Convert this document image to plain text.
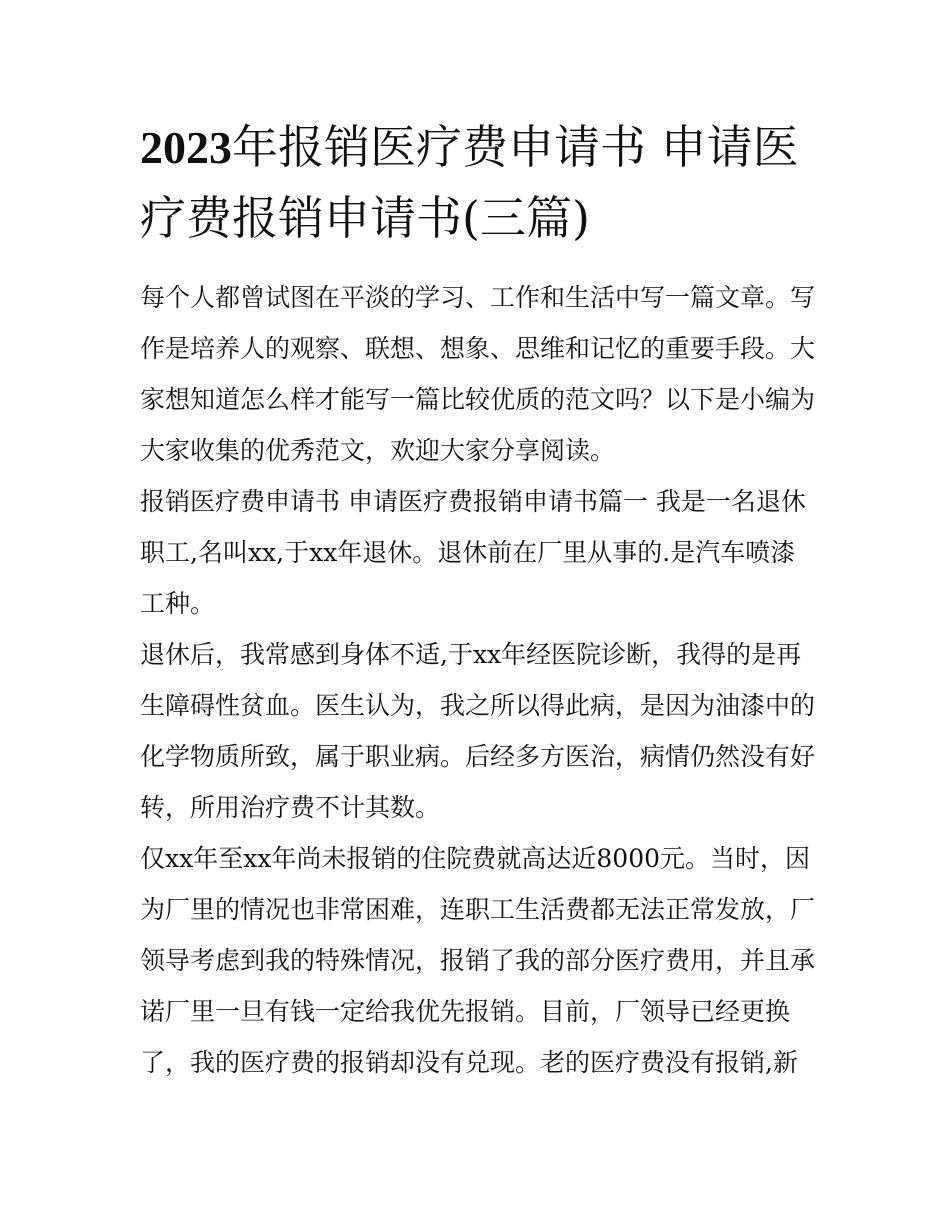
2023年报销医疗费申请书 申请医疗费报销申请书(三篇)

每个人都曾试图在平淡的学习、工作和生活中写一篇文章。写作是培养人的观察、联想、想象、思维和记忆的重要手段。大家想知道怎么样才能写一篇比较优质的范文吗？以下是小编为大家收集的优秀范文，欢迎大家分享阅读。

报销医疗费申请书 申请医疗费报销申请书篇一 我是一名退休职工,名叫xx,于xx年退休。退休前在厂里从事的.是汽车喷漆工种。

退休后，我常感到身体不适,于xx年经医院诊断，我得的是再生障碍性贫血。医生认为，我之所以得此病，是因为油漆中的化学物质所致，属于职业病。后经多方医治，病情仍然没有好转，所用治疗费不计其数。

仅xx年至xx年尚未报销的住院费就高达近8000元。当时，因为厂里的情况也非常困难，连职工生活费都无法正常发放，厂领导考虑到我的特殊情况，报销了我的部分医疗费用，并且承诺厂里一旦有钱一定给我优先报销。目前，厂领导已经更换了，我的医疗费的报销却没有兑现。老的医疗费没有报销,新
